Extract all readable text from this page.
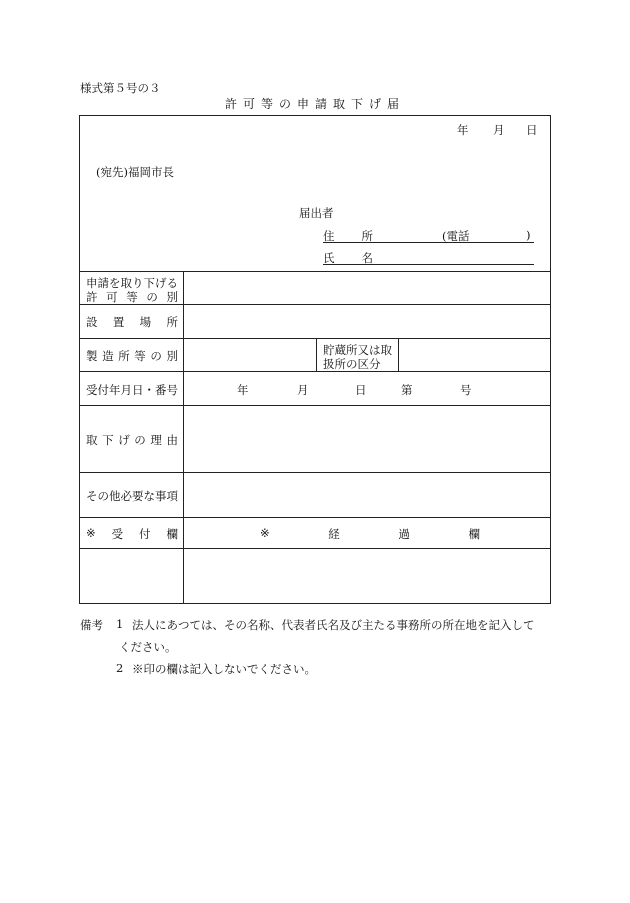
様式第５号の３
許可等の申請取下げ届
年 月 日
(宛先)福岡市長
届出者
住 所	(電話	)
氏 名
申請を取り下げる
許 可 等 の 別
設 置 場 所
製 造 所 等 の 別	貯蔵所又は取
扱所の区分
受付年月日・番号	年	月	日	第	号
取 下 げ の 理 由
その他必要な事項
※ 受 付 欄	※	経	過	欄
備考 1 法人にあつては、その名称、代表者氏名及び主たる事務所の所在地を記入して
ください。
2 ※印の欄は記入しないでください。
